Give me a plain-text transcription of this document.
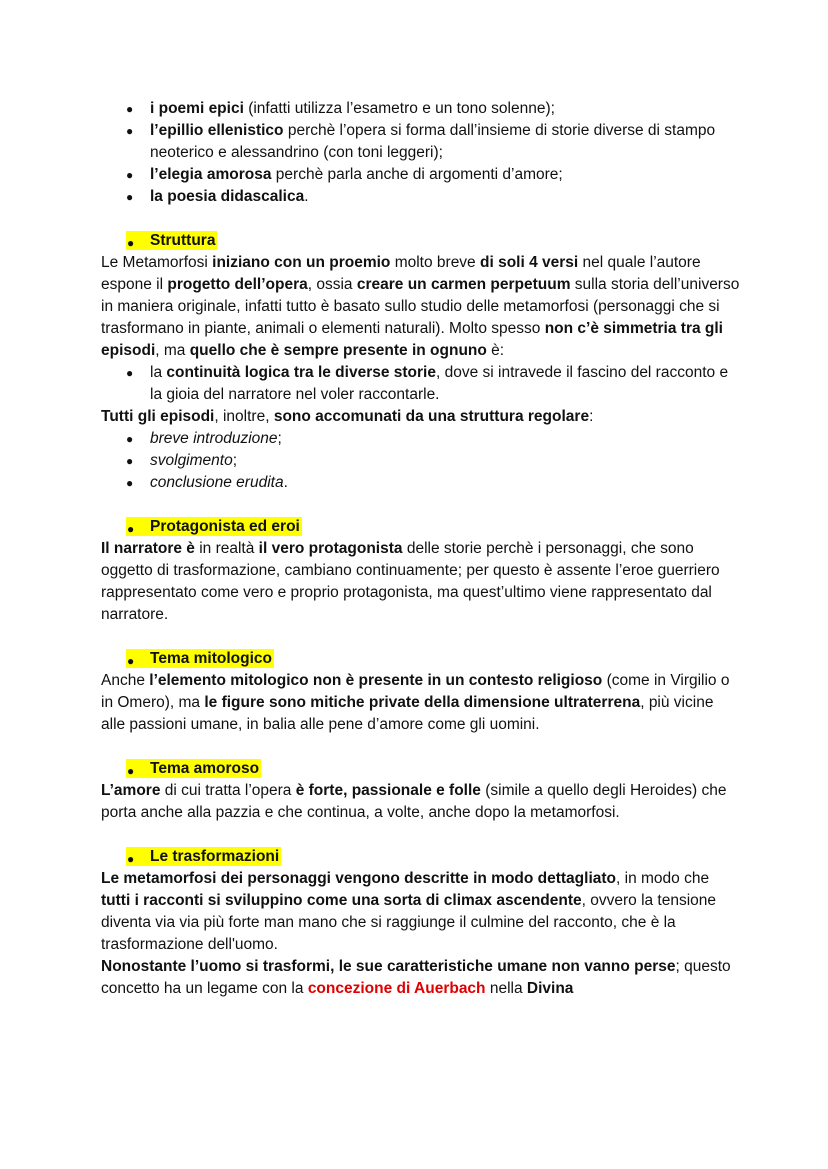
● i poemi epici (infatti utilizza l’esametro e un tono solenne);
● l’epillio ellenistico perchè l’opera si forma dall’insieme di storie diverse di stampo neoterico e alessandrino (con toni leggeri);
● l’elegia amorosa perchè parla anche di argomenti d’amore;
● la poesia didascalica.
● Struttura

Le Metamorfosi iniziano con un proemio molto breve di soli 4 versi nel quale l’autore espone il progetto dell’opera, ossia creare un carmen perpetuum sulla storia dell’universo in maniera originale, infatti tutto è basato sullo studio delle metamorfosi (personaggi che si trasformano in piante, animali o elementi naturali). Molto spesso non c’è simmetria tra gli episodi, ma quello che è sempre presente in ognuno è:

● la continuità logica tra le diverse storie, dove si intravede il fascino del racconto e la gioia del narratore nel voler raccontarle.

Tutti gli episodi, inoltre, sono accomunati da una struttura regolare:

● breve introduzione;
● svolgimento;
● conclusione erudita.
● Protagonista ed eroi

Il narratore è in realtà il vero protagonista delle storie perchè i personaggi, che sono oggetto di trasformazione, cambiano continuamente; per questo è assente l’eroe guerriero rappresentato come vero e proprio protagonista, ma quest’ultimo viene rappresentato dal narratore.

● Tema mitologico

Anche l’elemento mitologico non è presente in un contesto religioso (come in Virgilio o in Omero), ma le figure sono mitiche private della dimensione ultraterrena, più vicine alle passioni umane, in balia alle pene d’amore come gli uomini.

● Tema amoroso

L’amore di cui tratta l’opera è forte, passionale e folle (simile a quello degli Heroides) che porta anche alla pazzia e che continua, a volte, anche dopo la metamorfosi.

● Le trasformazioni

Le metamorfosi dei personaggi vengono descritte in modo dettagliato, in modo che tutti i racconti si sviluppino come una sorta di climax ascendente, ovvero la tensione diventa via via più forte man mano che si raggiunge il culmine del racconto, che è la trasformazione dell'uomo.

Nonostante l’uomo si trasformi, le sue caratteristiche umane non vanno perse; questo concetto ha un legame con la concezione di Auerbach nella Divina
